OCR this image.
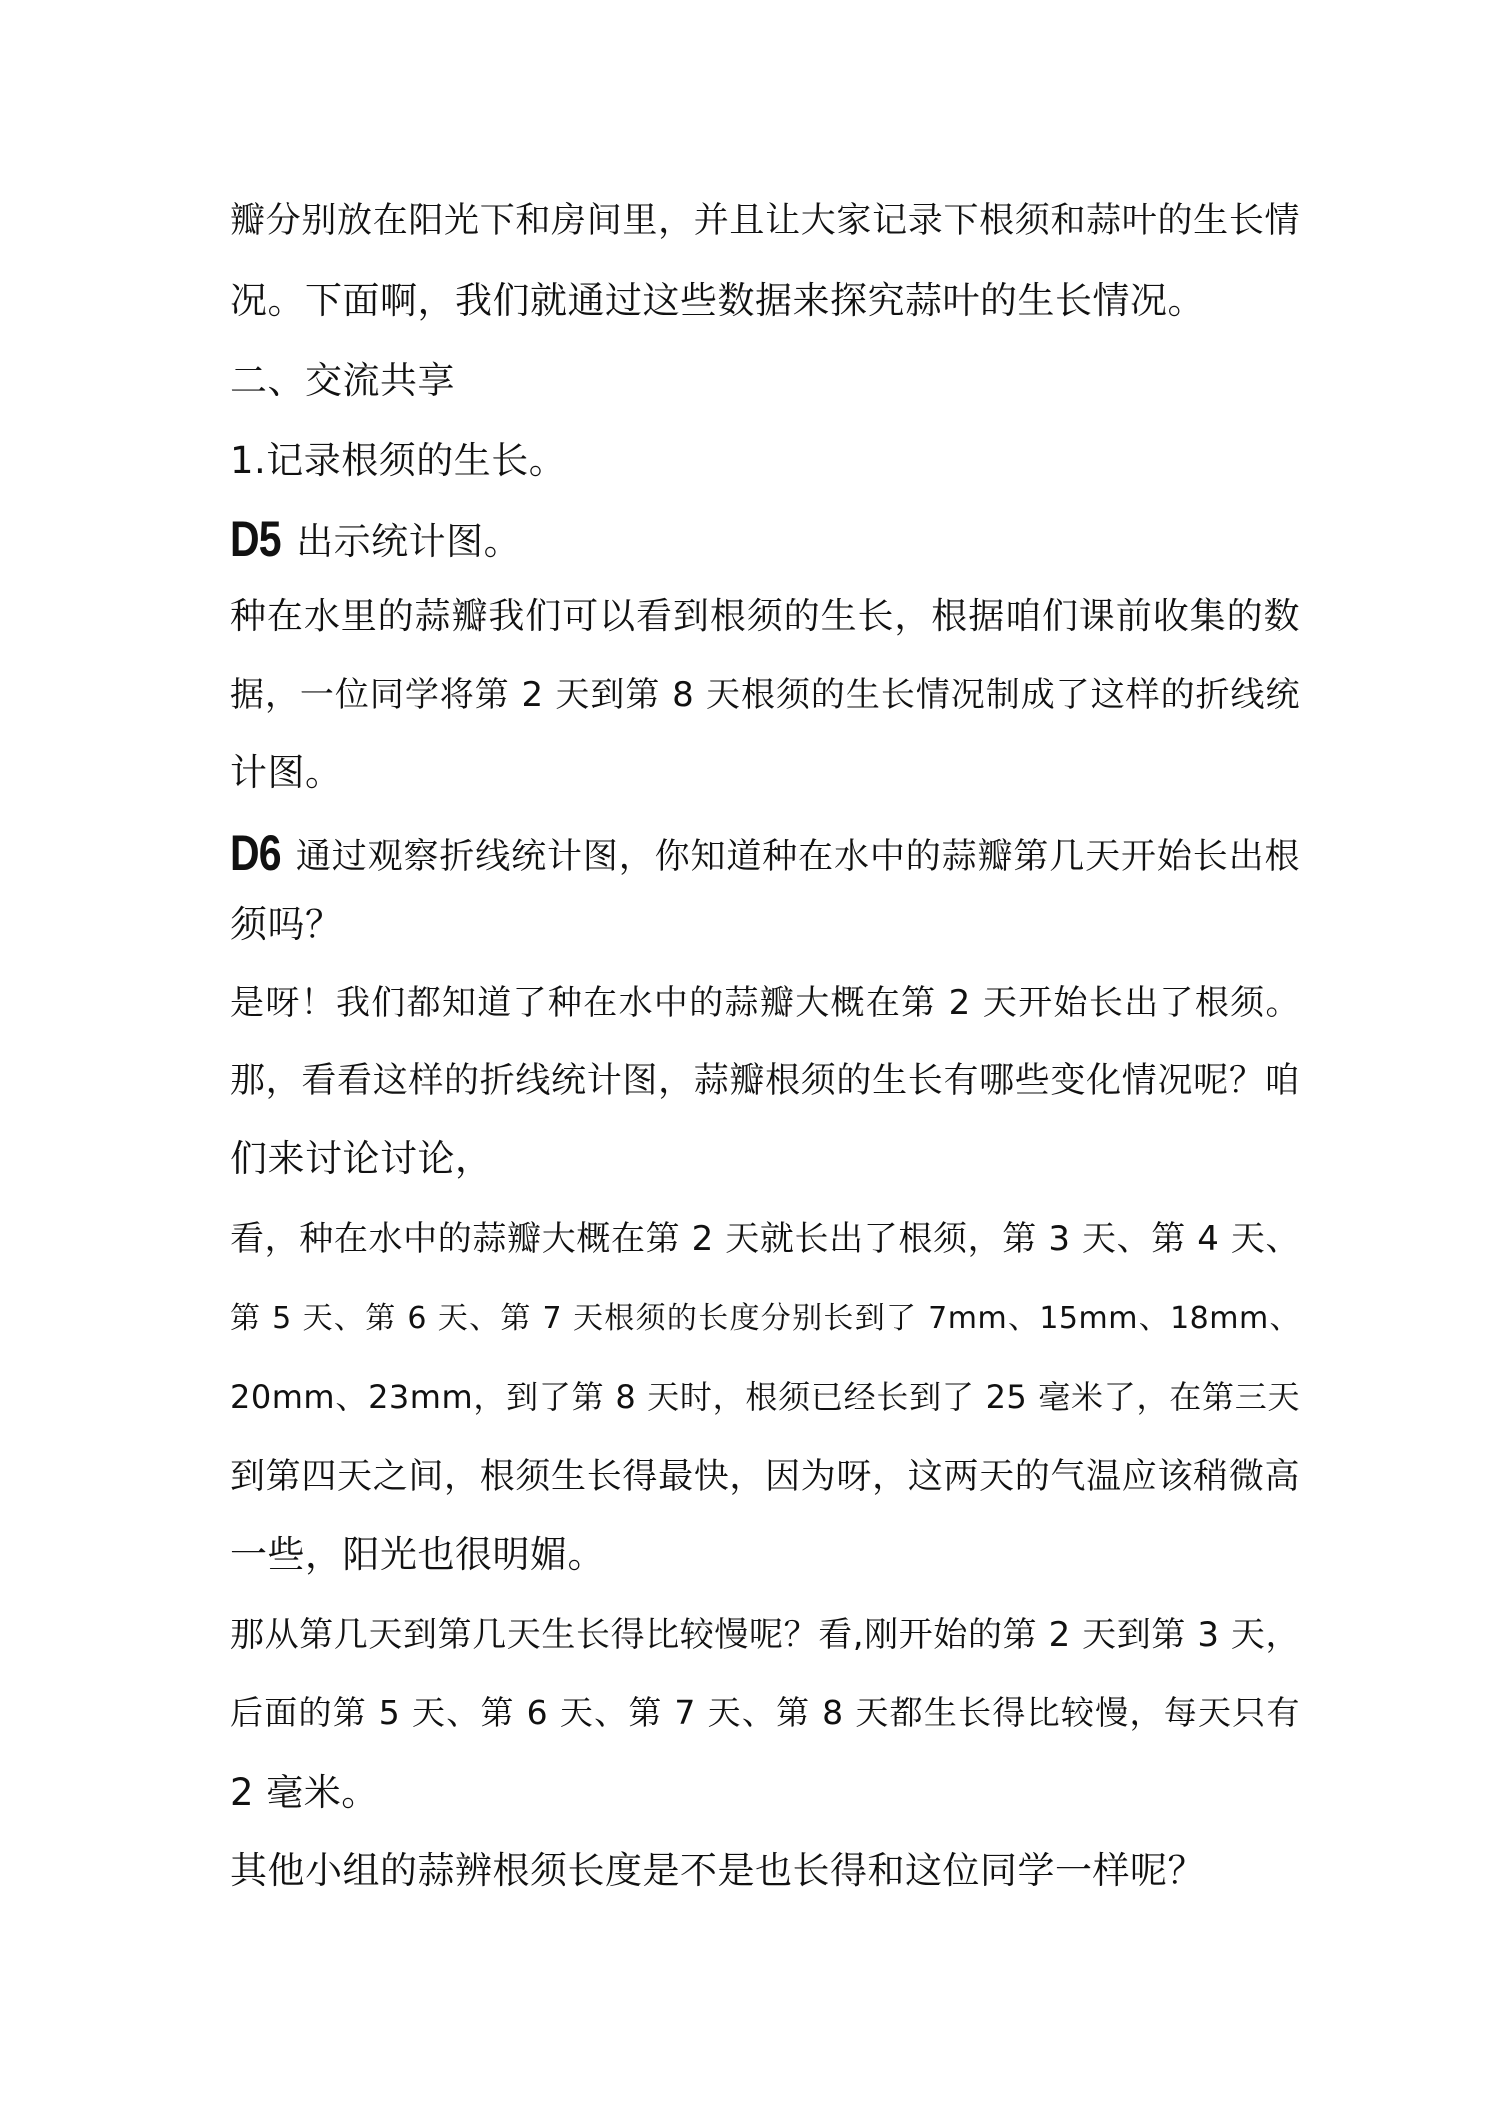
瓣分别放在阳光下和房间里，并且让大家记录下根须和蒜叶的生长情
况。下面啊，我们就通过这些数据来探究蒜叶的生长情况。
二、交流共享
1.记录根须的生长。
D5 出示统计图。
种在水里的蒜瓣我们可以看到根须的生长，根据咱们课前收集的数
据，一位同学将第 2 天到第 8 天根须的生长情况制成了这样的折线统
计图。
D6 通过观察折线统计图，你知道种在水中的蒜瓣第几天开始长出根
须吗？
是呀！我们都知道了种在水中的蒜瓣大概在第 2 天开始长出了根须。
那，看看这样的折线统计图，蒜瓣根须的生长有哪些变化情况呢？咱
们来讨论讨论，
看，种在水中的蒜瓣大概在第 2 天就长出了根须，第 3 天、第 4 天、
第 5 天、第 6 天、第 7 天根须的长度分别长到了 7mm、15mm、18mm、
20mm、23mm，到了第 8 天时，根须已经长到了 25 毫米了，在第三天
到第四天之间，根须生长得最快，因为呀，这两天的气温应该稍微高
一些，阳光也很明媚。
那从第几天到第几天生长得比较慢呢？看,刚开始的第 2 天到第 3 天，
后面的第 5 天、第 6 天、第 7 天、第 8 天都生长得比较慢，每天只有
2 毫米。
其他小组的蒜辨根须长度是不是也长得和这位同学一样呢？
